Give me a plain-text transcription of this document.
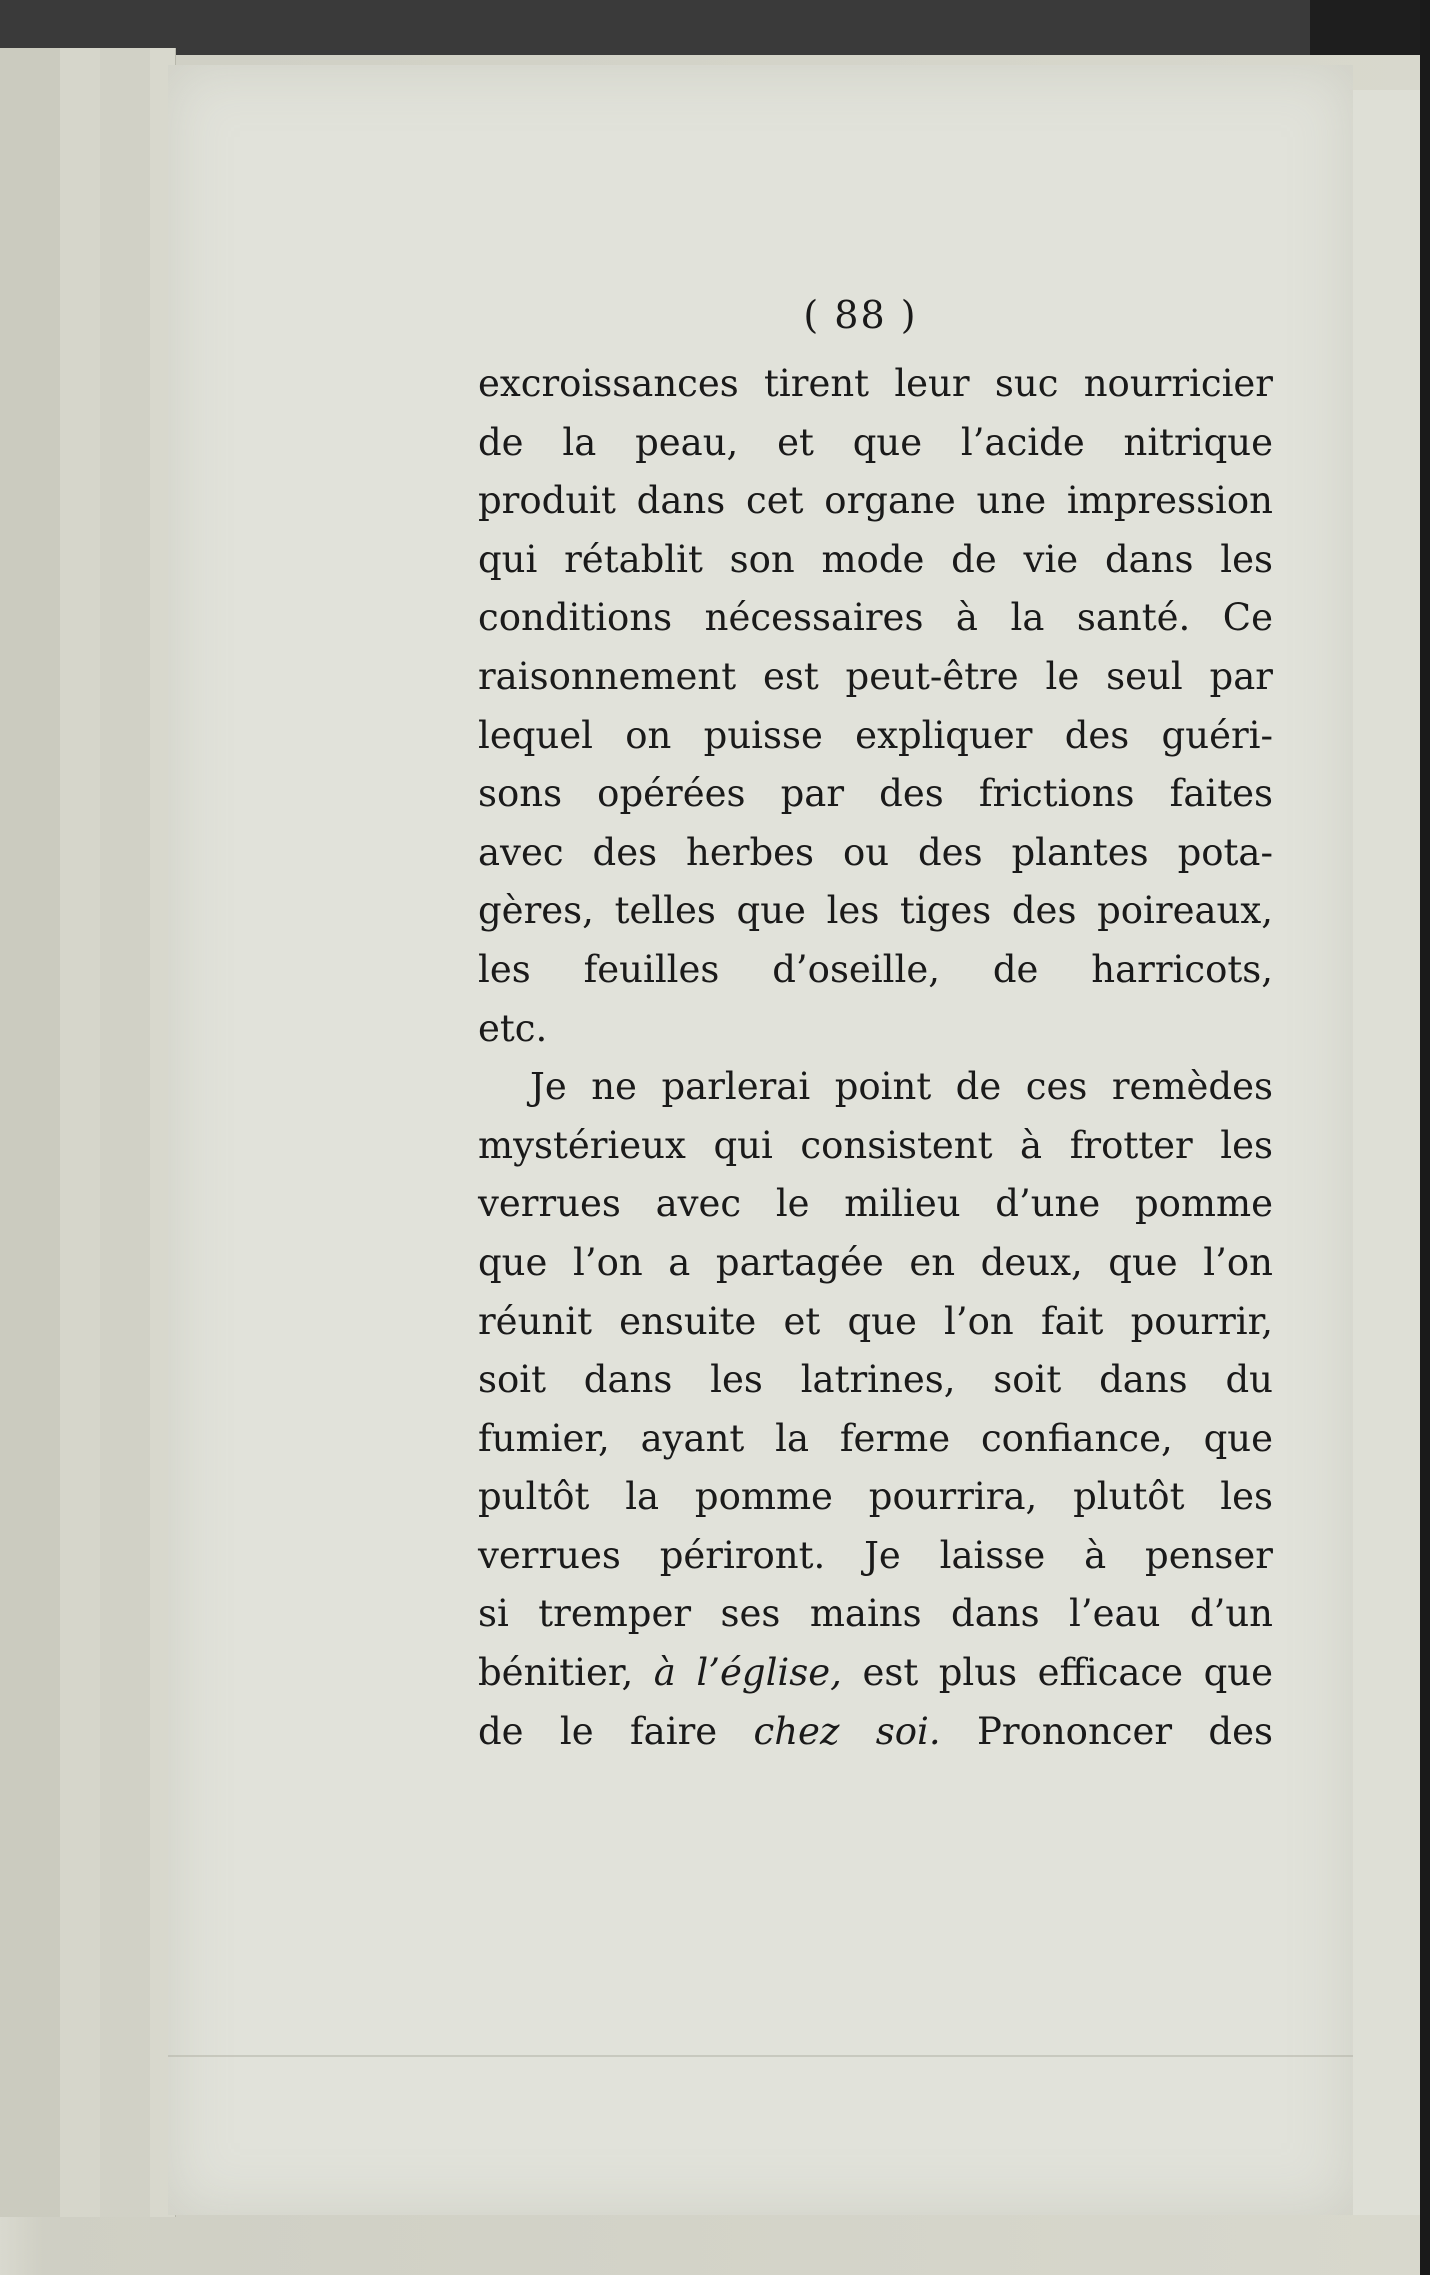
( 88 )
excroissances tirent leur suc nourricier
de la peau, et que l’acide nitrique
produit dans cet organe une impression
qui rétablit son mode de vie dans les
conditions nécessaires à la santé. Ce
raisonnement est peut-être le seul par
lequel on puisse expliquer des guéri-
sons opérées par des frictions faites
avec des herbes ou des plantes pota-
gères, telles que les tiges des poireaux,
les feuilles d’oseille, de harricots,
etc.
Je ne parlerai point de ces remèdes
mystérieux qui consistent à frotter les
verrues avec le milieu d’une pomme
que l’on a partagée en deux, que l’on
réunit ensuite et que l’on fait pourrir,
soit dans les latrines, soit dans du
fumier, ayant la ferme confiance, que
pultôt la pomme pourrira, plutôt les
verrues périront. Je laisse à penser
si tremper ses mains dans l’eau d’un
bénitier, à l’église, est plus efficace que
de le faire chez soi. Prononcer des
